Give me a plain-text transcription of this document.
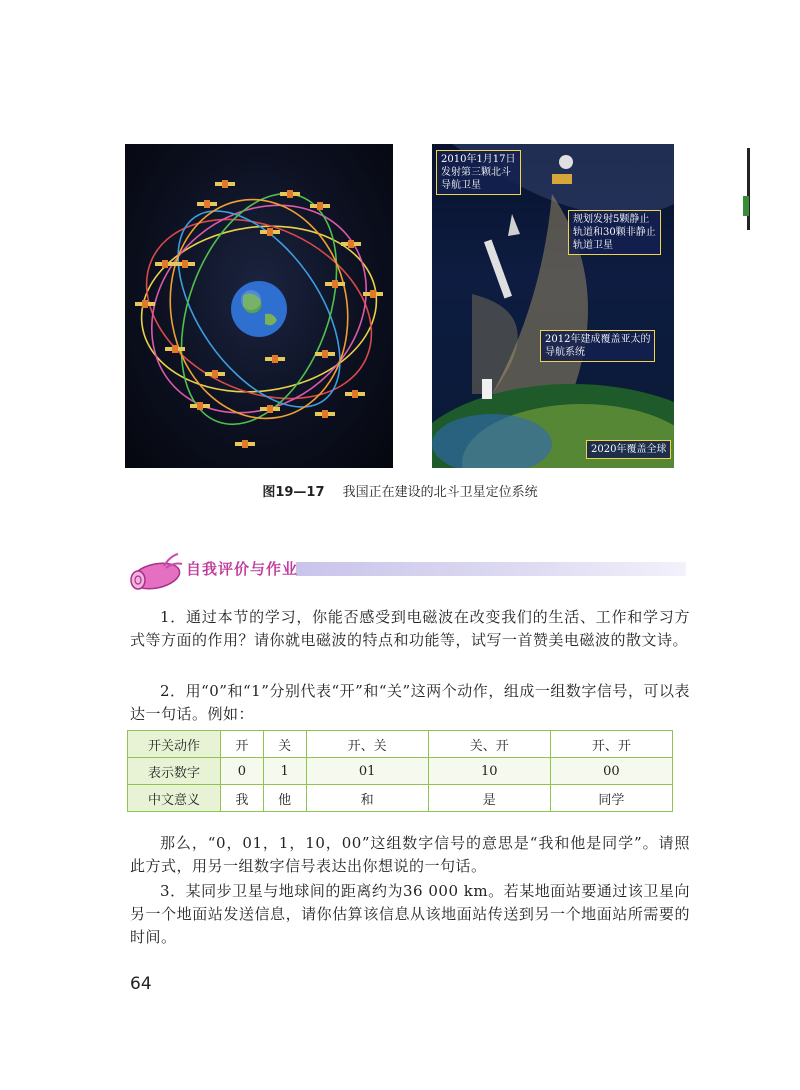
2010年1月17日
发射第三颗北斗
导航卫星
规划发射5颗静止
轨道和30颗非静止
轨道卫星
2012年建成覆盖亚太的
导航系统
2020年覆盖全球
图19—17 我国正在建设的北斗卫星定位系统
自我评价与作业
1．通过本节的学习，你能否感受到电磁波在改变我们的生活、工作和学习方式等方面的作用？请你就电磁波的特点和功能等，试写一首赞美电磁波的散文诗。
2．用“0”和“1”分别代表“开”和“关”这两个动作，组成一组数字信号，可以表达一句话。例如：
开关动作	开	关	开、关	关、开	开、开
表示数字	0	1	01	10	00
中文意义	我	他	和	是	同学
那么，“0，01，1，10，00”这组数字信号的意思是“我和他是同学”。请照此方式，用另一组数字信号表达出你想说的一句话。
3．某同步卫星与地球间的距离约为36 000 km。若某地面站要通过该卫星向另一个地面站发送信息，请你估算该信息从该地面站传送到另一个地面站所需要的时间。
64
